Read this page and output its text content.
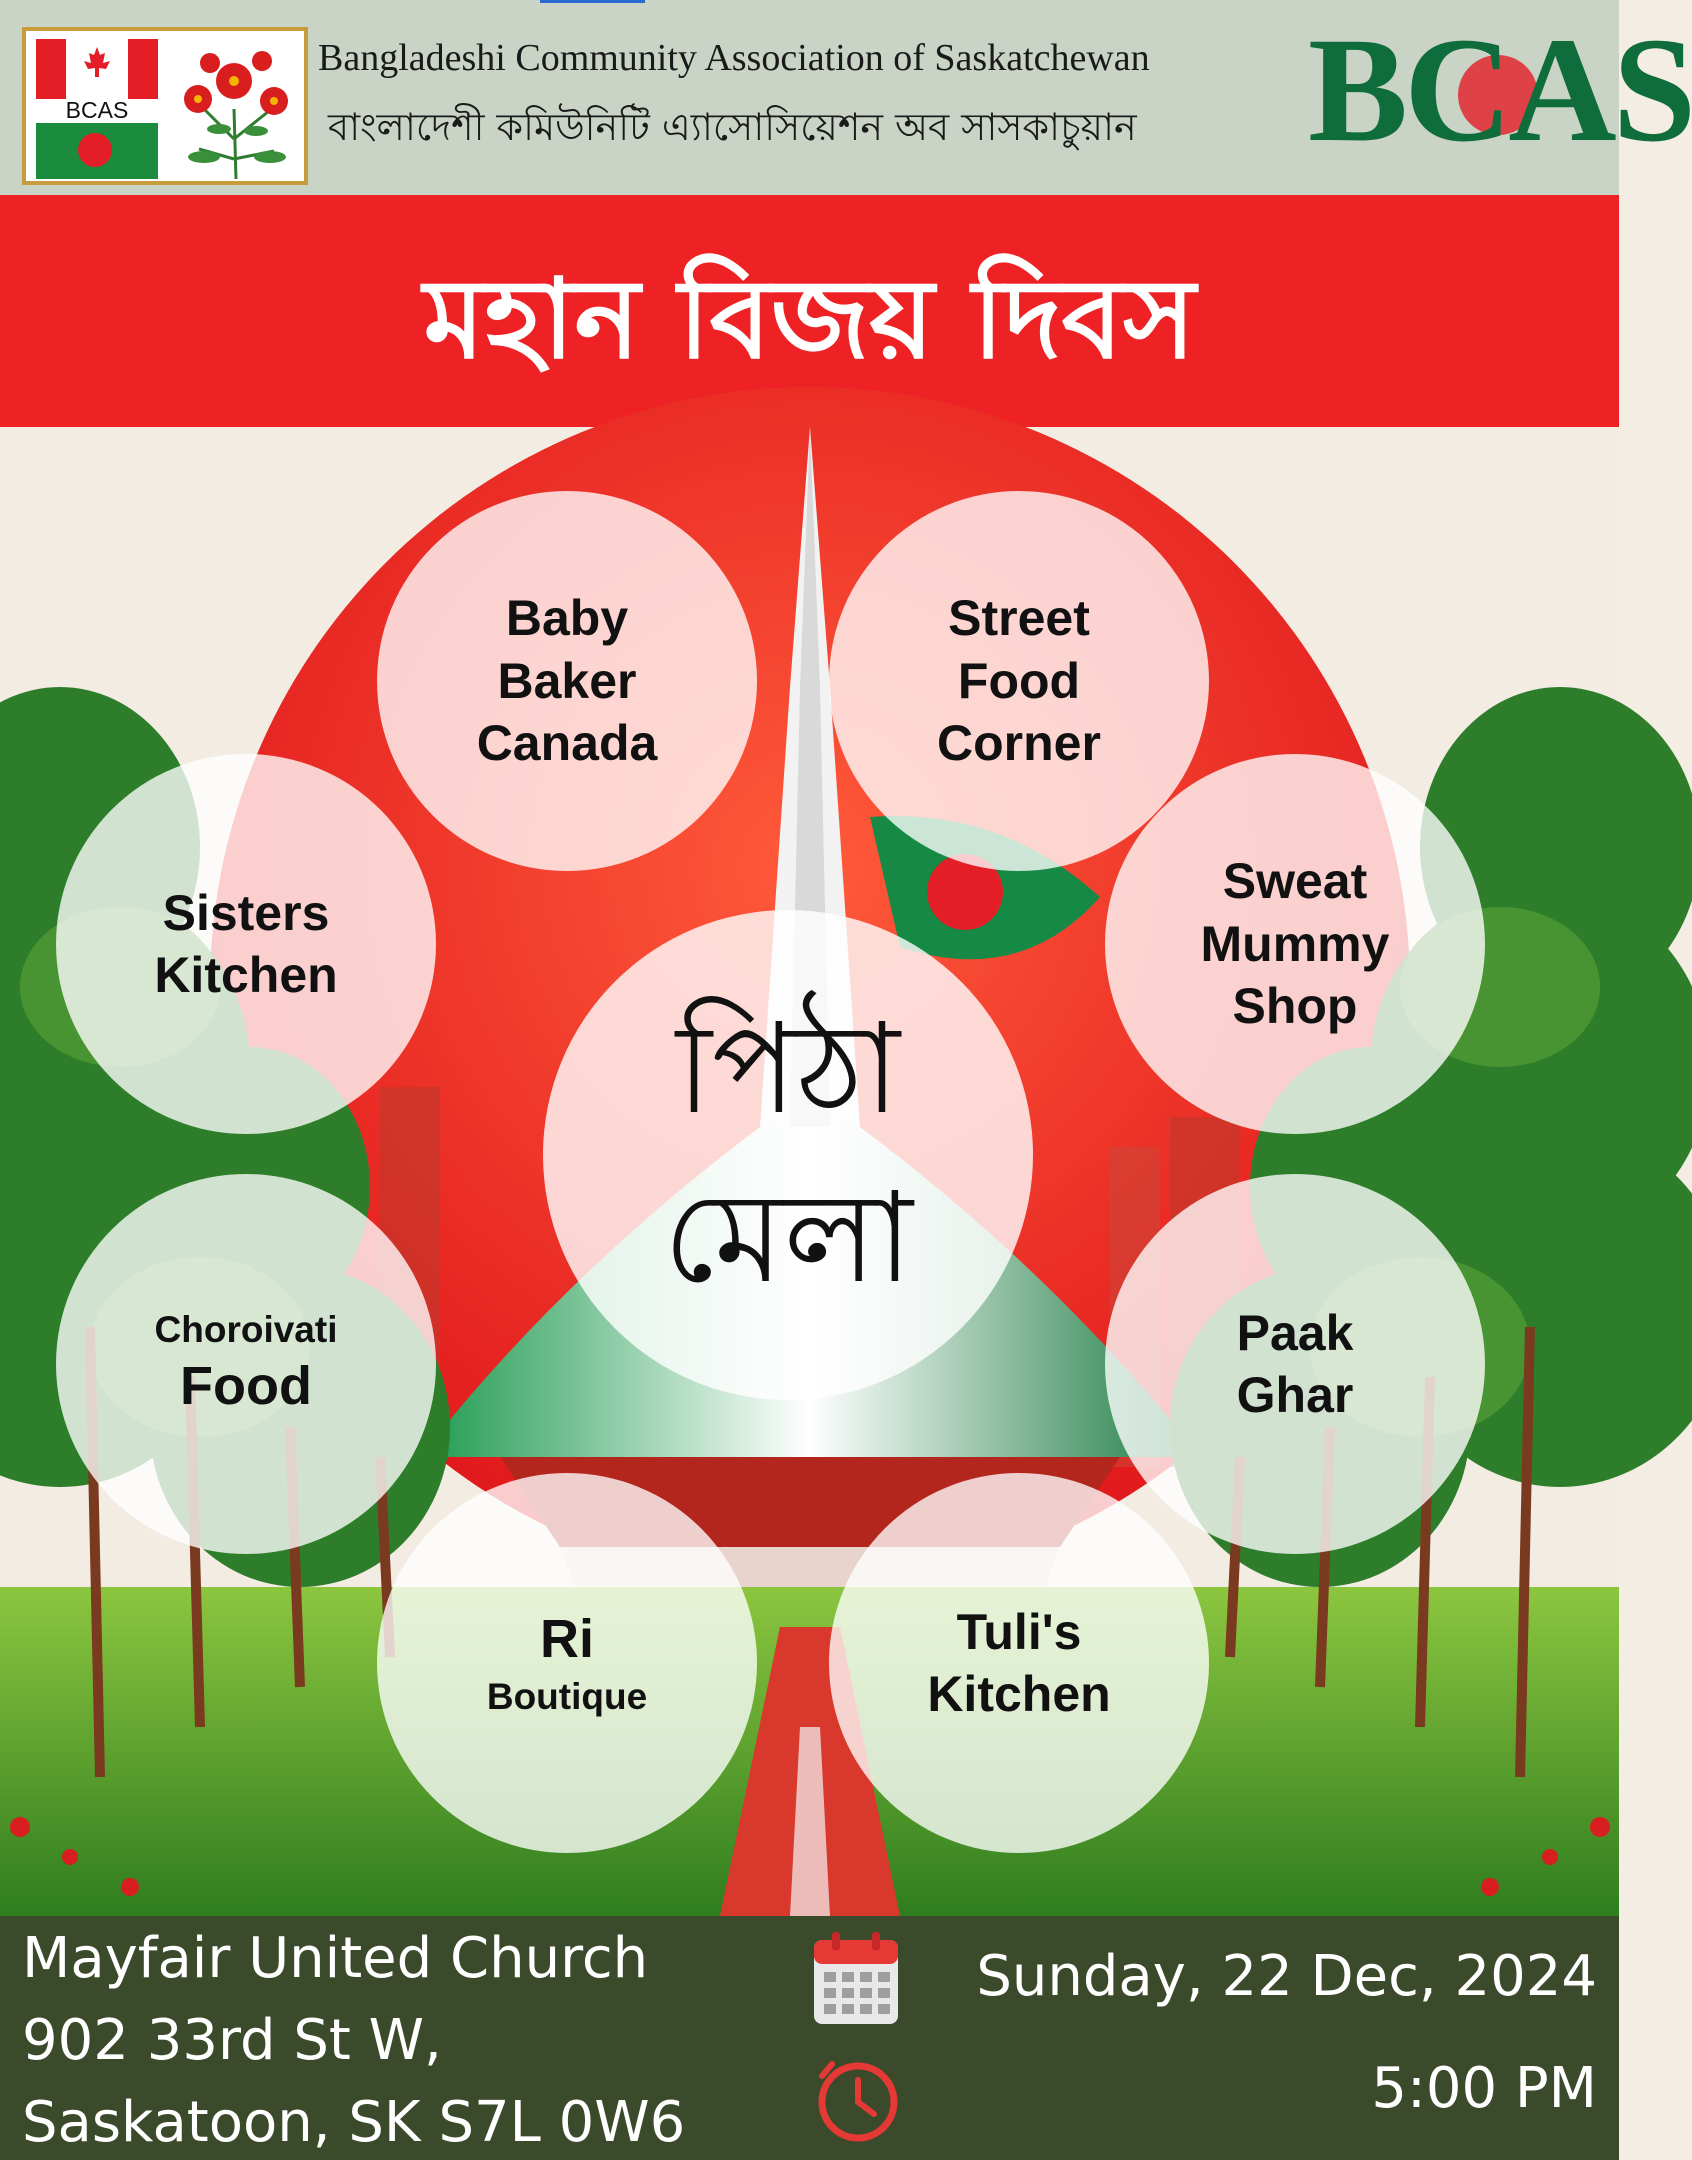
BCAS
Bangladeshi Community Association of Saskatchewan
বাংলাদেশী কমিউনিটি এ্যাসোসিয়েশন অব সাসকাচুয়ান BCAS
মহান বিজয় দিবস
Baby
Baker
Canada
Street
Food
Corner
Sisters
Kitchen
Sweat
Mummy
Shop
Choroivati
Food
Paak
Ghar
Ri
Boutique
Tuli's
Kitchen
পিঠা
মেলা
Mayfair United Church
902 33rd St W,
Saskatoon, SK S7L 0W6
Sunday, 22 Dec, 2024
5:00 PM
